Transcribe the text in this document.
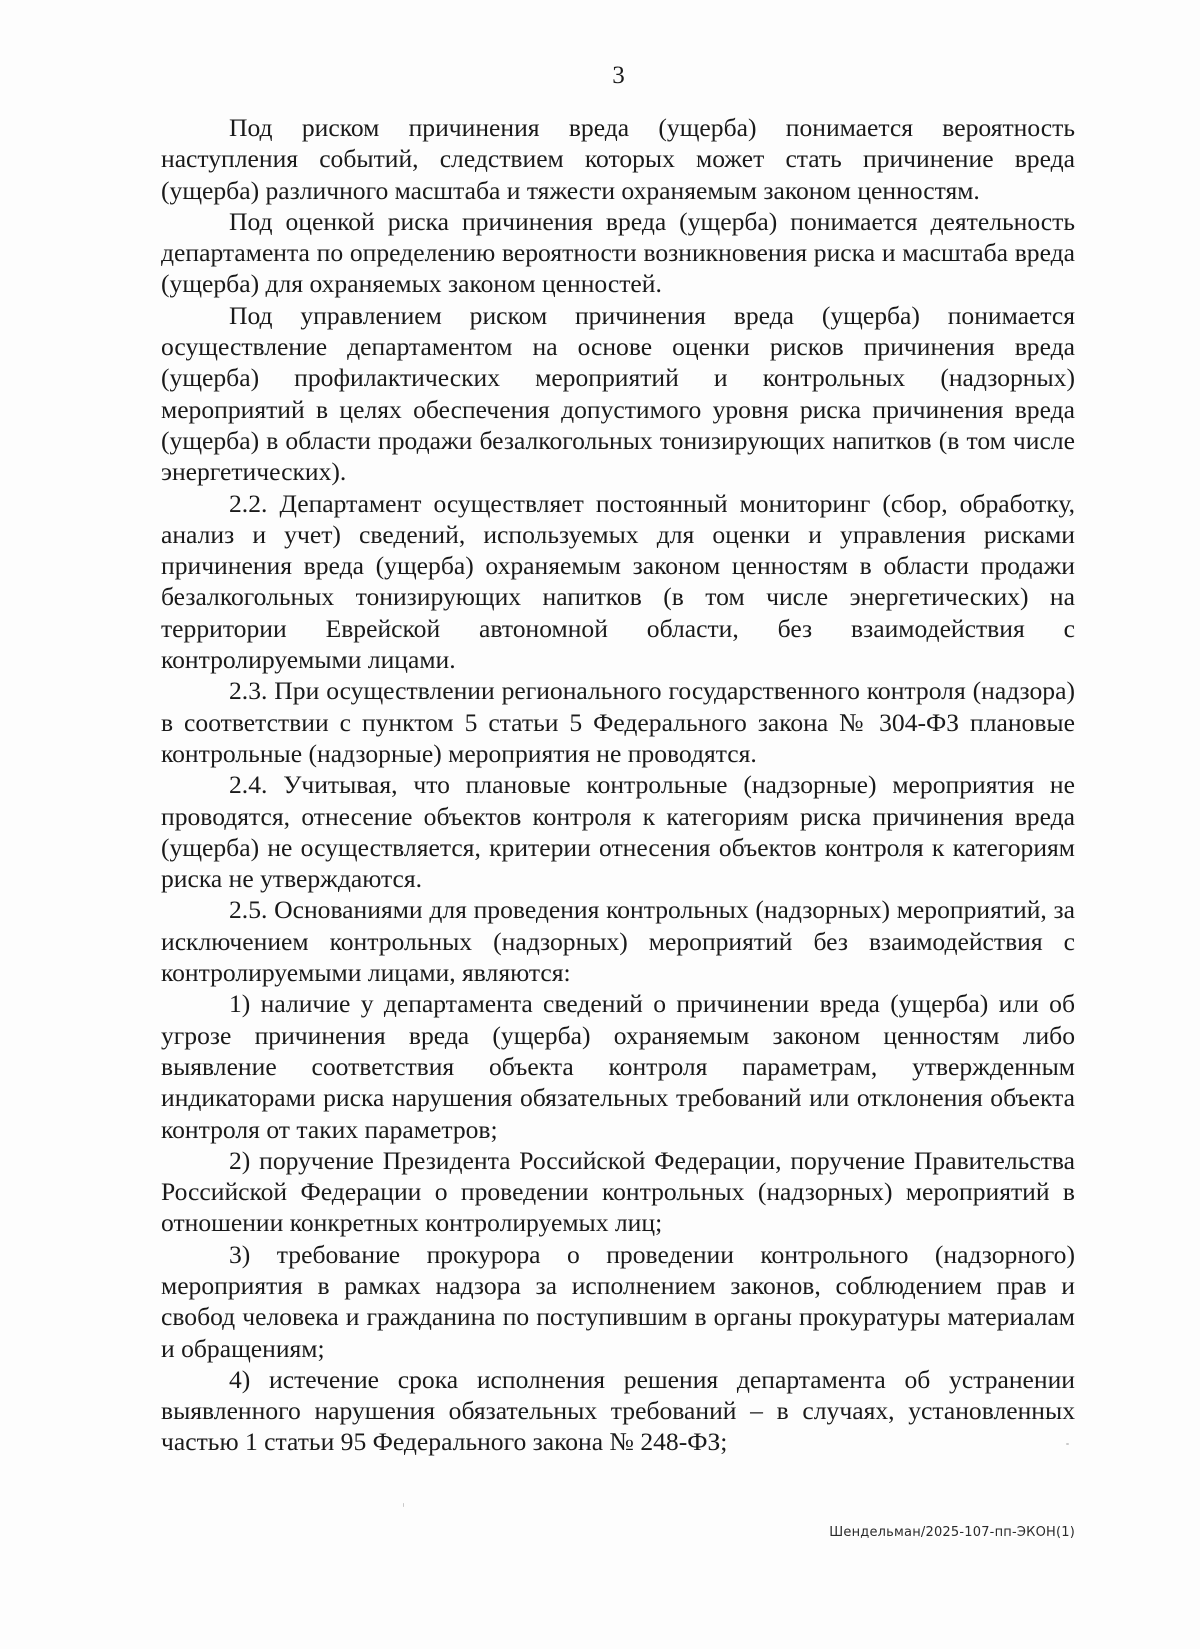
3

Под риском причинения вреда (ущерба) понимается вероятность наступления событий, следствием которых может стать причинение вреда (ущерба) различного масштаба и тяжести охраняемым законом ценностям.

Под оценкой риска причинения вреда (ущерба) понимается деятельность департамента по определению вероятности возникновения риска и масштаба вреда (ущерба) для охраняемых законом ценностей.

Под управлением риском причинения вреда (ущерба) понимается осуществление департаментом на основе оценки рисков причинения вреда (ущерба) профилактических мероприятий и контрольных (надзорных) мероприятий в целях обеспечения допустимого уровня риска причинения вреда (ущерба) в области продажи безалкогольных тонизирующих напитков (в том числе энергетических).

2.2. Департамент осуществляет постоянный мониторинг (сбор, обработку, анализ и учет) сведений, используемых для оценки и управления рисками причинения вреда (ущерба) охраняемым законом ценностям в области продажи безалкогольных тонизирующих напитков (в том числе энергетических) на территории Еврейской автономной области, без взаимодействия с контролируемыми лицами.

2.3. При осуществлении регионального государственного контроля (надзора) в соответствии с пунктом 5 статьи 5 Федерального закона № 304-ФЗ плановые контрольные (надзорные) мероприятия не проводятся.

2.4. Учитывая, что плановые контрольные (надзорные) мероприятия не проводятся, отнесение объектов контроля к категориям риска причинения вреда (ущерба) не осуществляется, критерии отнесения объектов контроля к категориям риска не утверждаются.

2.5. Основаниями для проведения контрольных (надзорных) мероприятий, за исключением контрольных (надзорных) мероприятий без взаимодействия с контролируемыми лицами, являются:

1) наличие у департамента сведений о причинении вреда (ущерба) или об угрозе причинения вреда (ущерба) охраняемым законом ценностям либо выявление соответствия объекта контроля параметрам, утвержденным индикаторами риска нарушения обязательных требований или отклонения объекта контроля от таких параметров;

2) поручение Президента Российской Федерации, поручение Правительства Российской Федерации о проведении контрольных (надзорных) мероприятий в отношении конкретных контролируемых лиц;

3) требование прокурора о проведении контрольного (надзорного) мероприятия в рамках надзора за исполнением законов, соблюдением прав и свобод человека и гражданина по поступившим в органы прокуратуры материалам и обращениям;

4) истечение срока исполнения решения департамента об устранении выявленного нарушения обязательных требований – в случаях, установленных частью 1 статьи 95 Федерального закона № 248-ФЗ;

Шендельман/2025-107-пп-ЭКОН(1)
